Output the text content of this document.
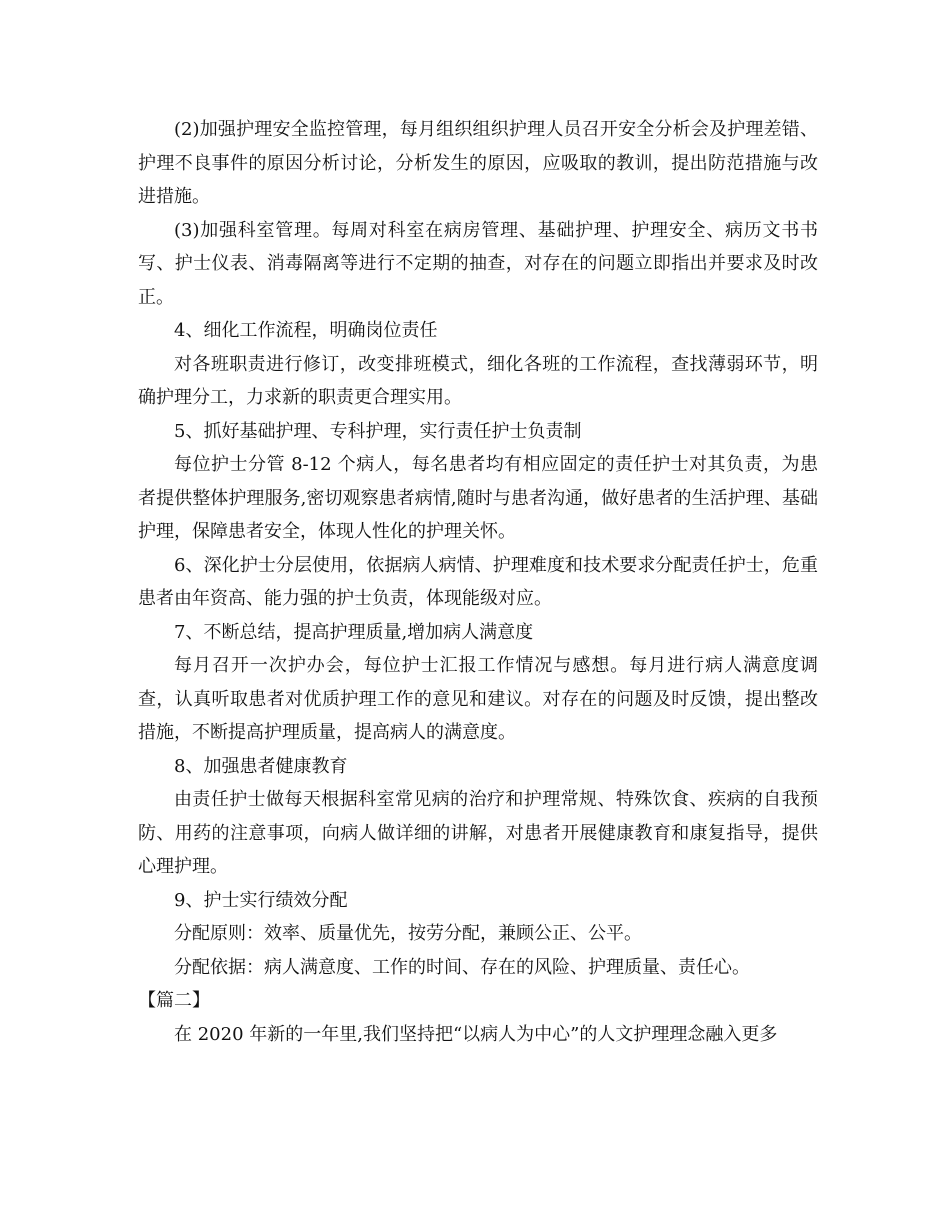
(2)加强护理安全监控管理，每月组织组织护理人员召开安全分析会及护理差错、护理不良事件的原因分析讨论，分析发生的原因，应吸取的教训，提出防范措施与改进措施。

(3)加强科室管理。每周对科室在病房管理、基础护理、护理安全、病历文书书写、护士仪表、消毒隔离等进行不定期的抽查，对存在的问题立即指出并要求及时改正。

4、细化工作流程，明确岗位责任

对各班职责进行修订，改变排班模式，细化各班的工作流程，查找薄弱环节，明确护理分工，力求新的职责更合理实用。

5、抓好基础护理、专科护理，实行责任护士负责制

每位护士分管 8-12 个病人，每名患者均有相应固定的责任护士对其负责，为患者提供整体护理服务,密切观察患者病情,随时与患者沟通，做好患者的生活护理、基础护理，保障患者安全，体现人性化的护理关怀。

6、深化护士分层使用，依据病人病情、护理难度和技术要求分配责任护士，危重患者由年资高、能力强的护士负责，体现能级对应。

7、不断总结，提高护理质量,增加病人满意度

每月召开一次护办会，每位护士汇报工作情况与感想。每月进行病人满意度调查，认真听取患者对优质护理工作的意见和建议。对存在的问题及时反馈，提出整改措施，不断提高护理质量，提高病人的满意度。

8、加强患者健康教育

由责任护士做每天根据科室常见病的治疗和护理常规、特殊饮食、疾病的自我预防、用药的注意事项，向病人做详细的讲解，对患者开展健康教育和康复指导，提供心理护理。

9、护士实行绩效分配

分配原则：效率、质量优先，按劳分配，兼顾公正、公平。

分配依据：病人满意度、工作的时间、存在的风险、护理质量、责任心。

【篇二】

在 2020 年新的一年里,我们坚持把“以病人为中心”的人文护理理念融入更多
